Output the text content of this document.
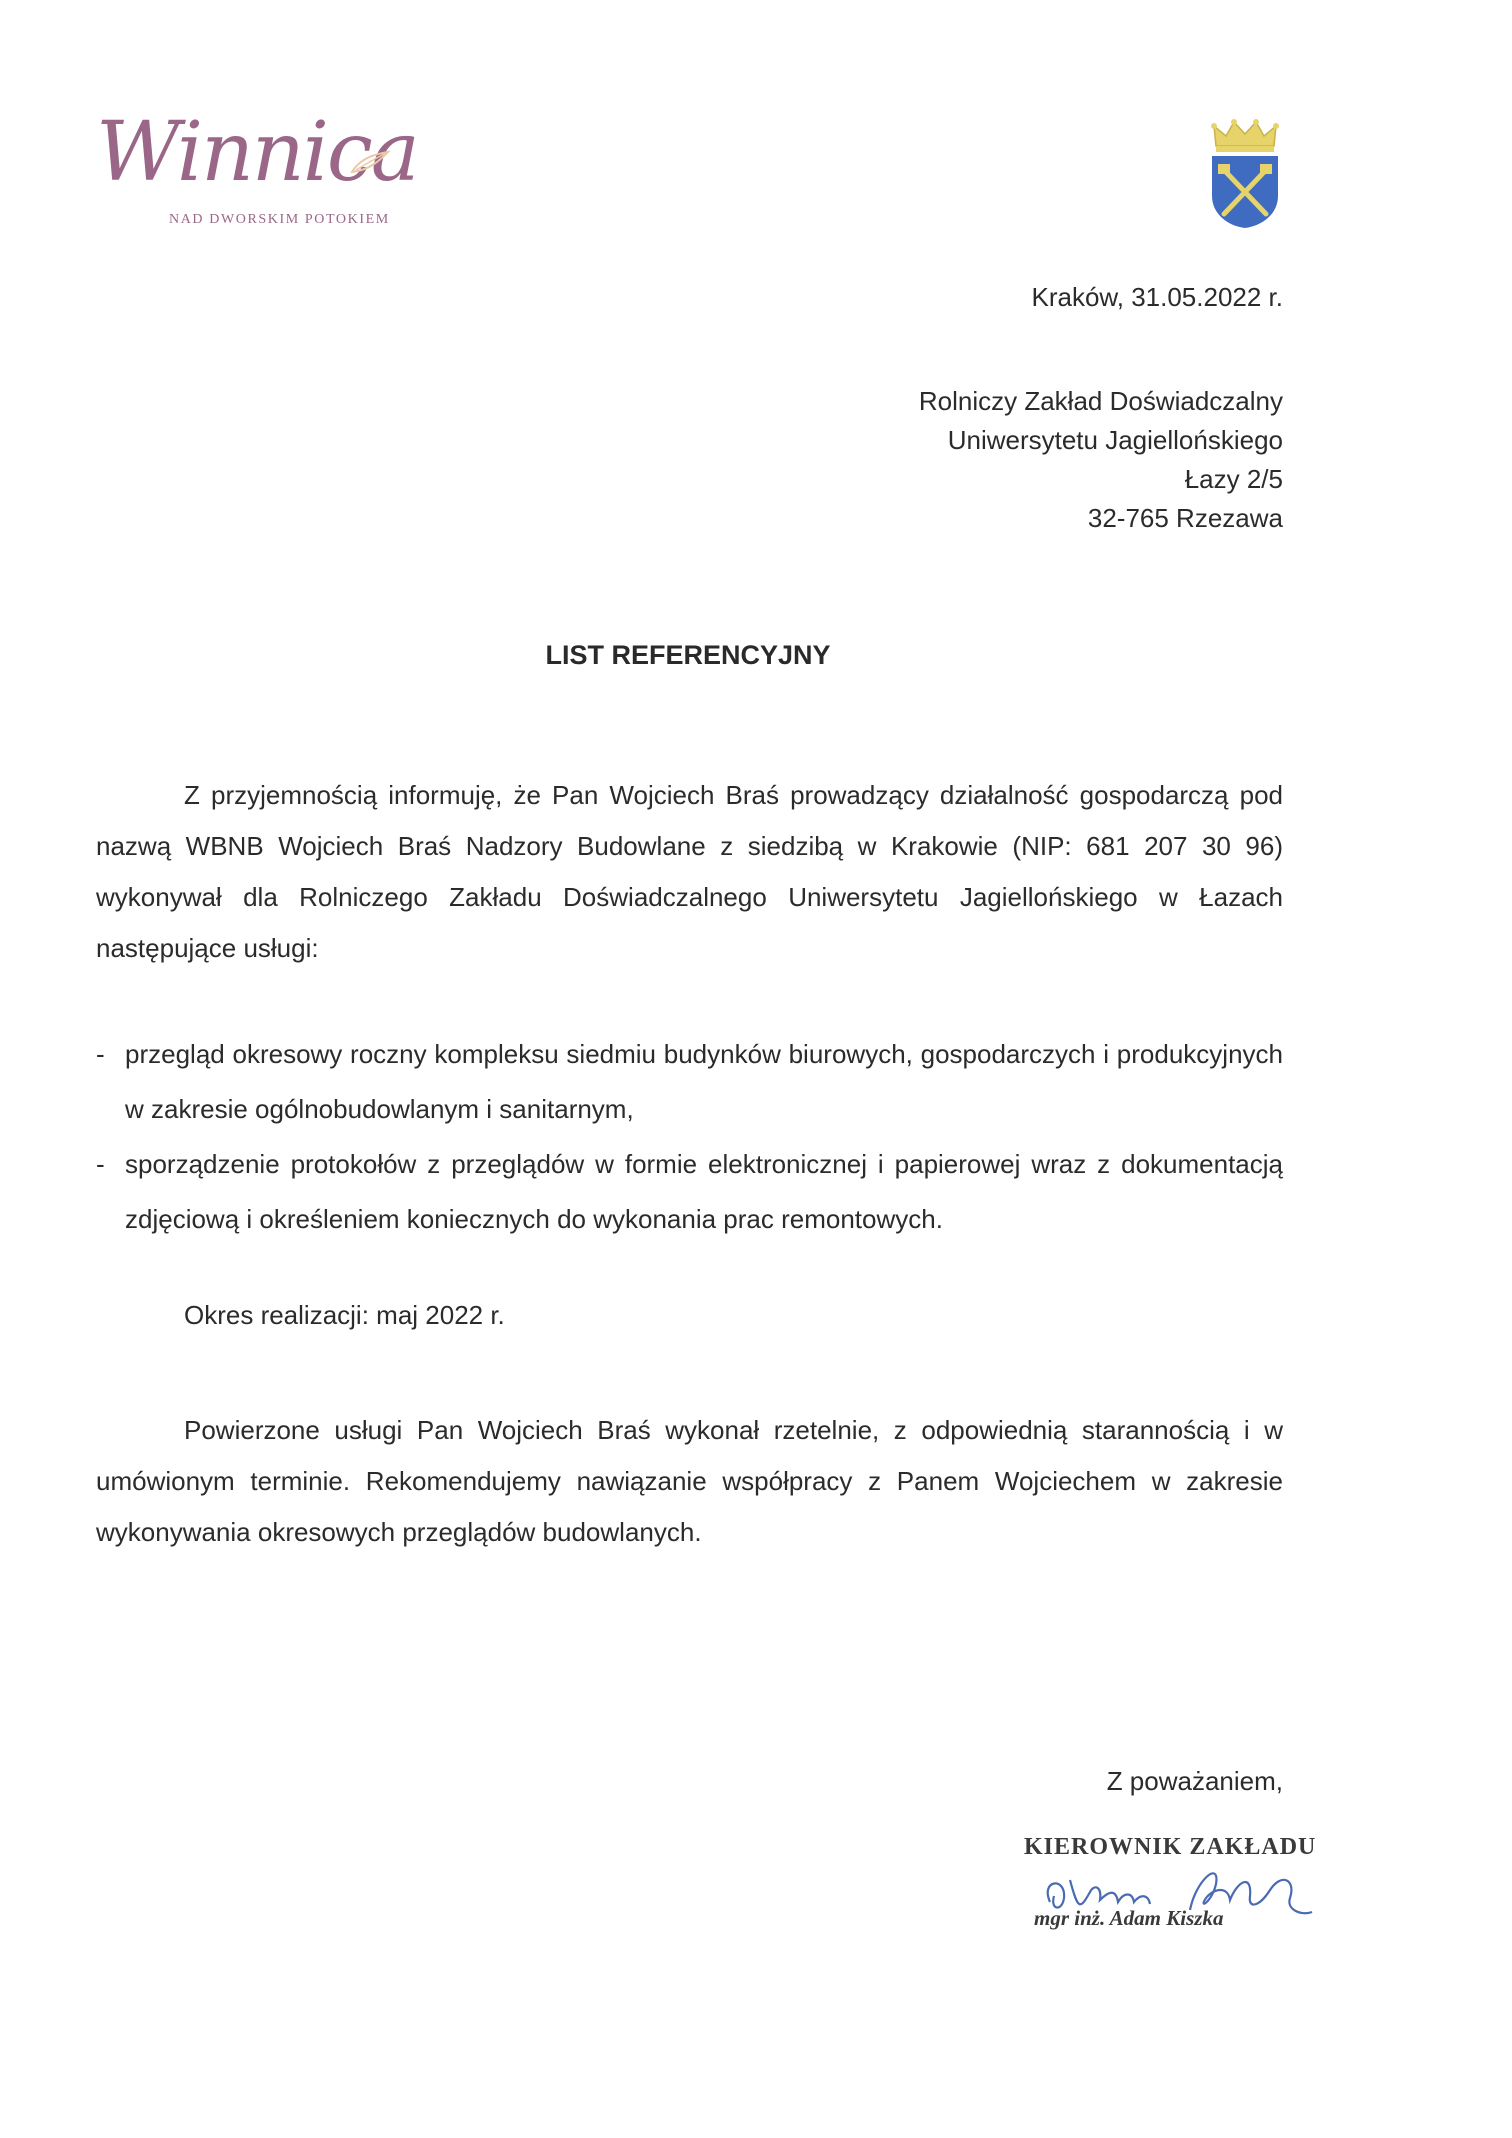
Winnica
NAD DWORSKIM POTOKIEM
Kraków, 31.05.2022 r.
Rolniczy Zakład Doświadczalny
Uniwersytetu Jagiellońskiego
Łazy 2/5
32-765 Rzezawa
LIST REFERENCYJNY
Z przyjemnością informuję, że Pan Wojciech Braś prowadzący działalność gospodarczą pod nazwą WBNB Wojciech Braś Nadzory Budowlane z siedzibą w Krakowie (NIP: 681 207 30 96) wykonywał dla Rolniczego Zakładu Doświadczalnego Uniwersytetu Jagiellońskiego w Łazach następujące usługi:
- przegląd okresowy roczny kompleksu siedmiu budynków biurowych, gospodarczych i produkcyjnych w zakresie ogólnobudowlanym i sanitarnym,
- sporządzenie protokołów z przeglądów w formie elektronicznej i papierowej wraz z dokumentacją zdjęciową i określeniem koniecznych do wykonania prac remontowych.
Okres realizacji: maj 2022 r.
Powierzone usługi Pan Wojciech Braś wykonał rzetelnie, z odpowiednią starannością i w umówionym terminie. Rekomendujemy nawiązanie współpracy z Panem Wojciechem w zakresie wykonywania okresowych przeglądów budowlanych.
Z poważaniem,
KIEROWNIK ZAKŁADU
mgr inż. Adam Kiszka
